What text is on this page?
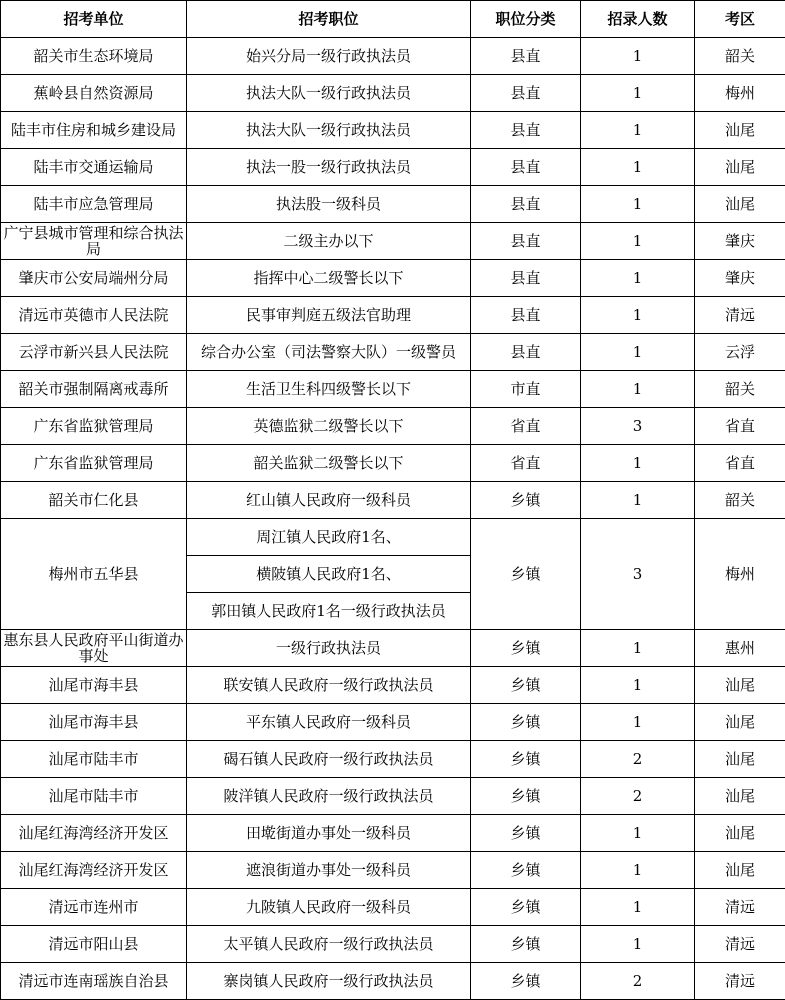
招考单位	招考职位	职位分类	招录人数	考区
韶关市生态环境局	始兴分局一级行政执法员	县直	1	韶关
蕉岭县自然资源局	执法大队一级行政执法员	县直	1	梅州
陆丰市住房和城乡建设局	执法大队一级行政执法员	县直	1	汕尾
陆丰市交通运输局	执法一股一级行政执法员	县直	1	汕尾
陆丰市应急管理局	执法股一级科员	县直	1	汕尾
广宁县城市管理和综合执法局	二级主办以下	县直	1	肇庆
肇庆市公安局端州分局	指挥中心二级警长以下	县直	1	肇庆
清远市英德市人民法院	民事审判庭五级法官助理	县直	1	清远
云浮市新兴县人民法院	综合办公室（司法警察大队）一级警员	县直	1	云浮
韶关市强制隔离戒毒所	生活卫生科四级警长以下	市直	1	韶关
广东省监狱管理局	英德监狱二级警长以下	省直	3	省直
广东省监狱管理局	韶关监狱二级警长以下	省直	1	省直
韶关市仁化县	红山镇人民政府一级科员	乡镇	1	韶关
梅州市五华县	周江镇人民政府1名、	乡镇	3	梅州
	横陂镇人民政府1名、			
	郭田镇人民政府1名一级行政执法员			
惠东县人民政府平山街道办事处	一级行政执法员	乡镇	1	惠州
汕尾市海丰县	联安镇人民政府一级行政执法员	乡镇	1	汕尾
汕尾市海丰县	平东镇人民政府一级科员	乡镇	1	汕尾
汕尾市陆丰市	碣石镇人民政府一级行政执法员	乡镇	2	汕尾
汕尾市陆丰市	陂洋镇人民政府一级行政执法员	乡镇	2	汕尾
汕尾红海湾经济开发区	田墘街道办事处一级科员	乡镇	1	汕尾
汕尾红海湾经济开发区	遮浪街道办事处一级科员	乡镇	1	汕尾
清远市连州市	九陂镇人民政府一级科员	乡镇	1	清远
清远市阳山县	太平镇人民政府一级行政执法员	乡镇	1	清远
清远市连南瑶族自治县	寨岗镇人民政府一级行政执法员	乡镇	2	清远
